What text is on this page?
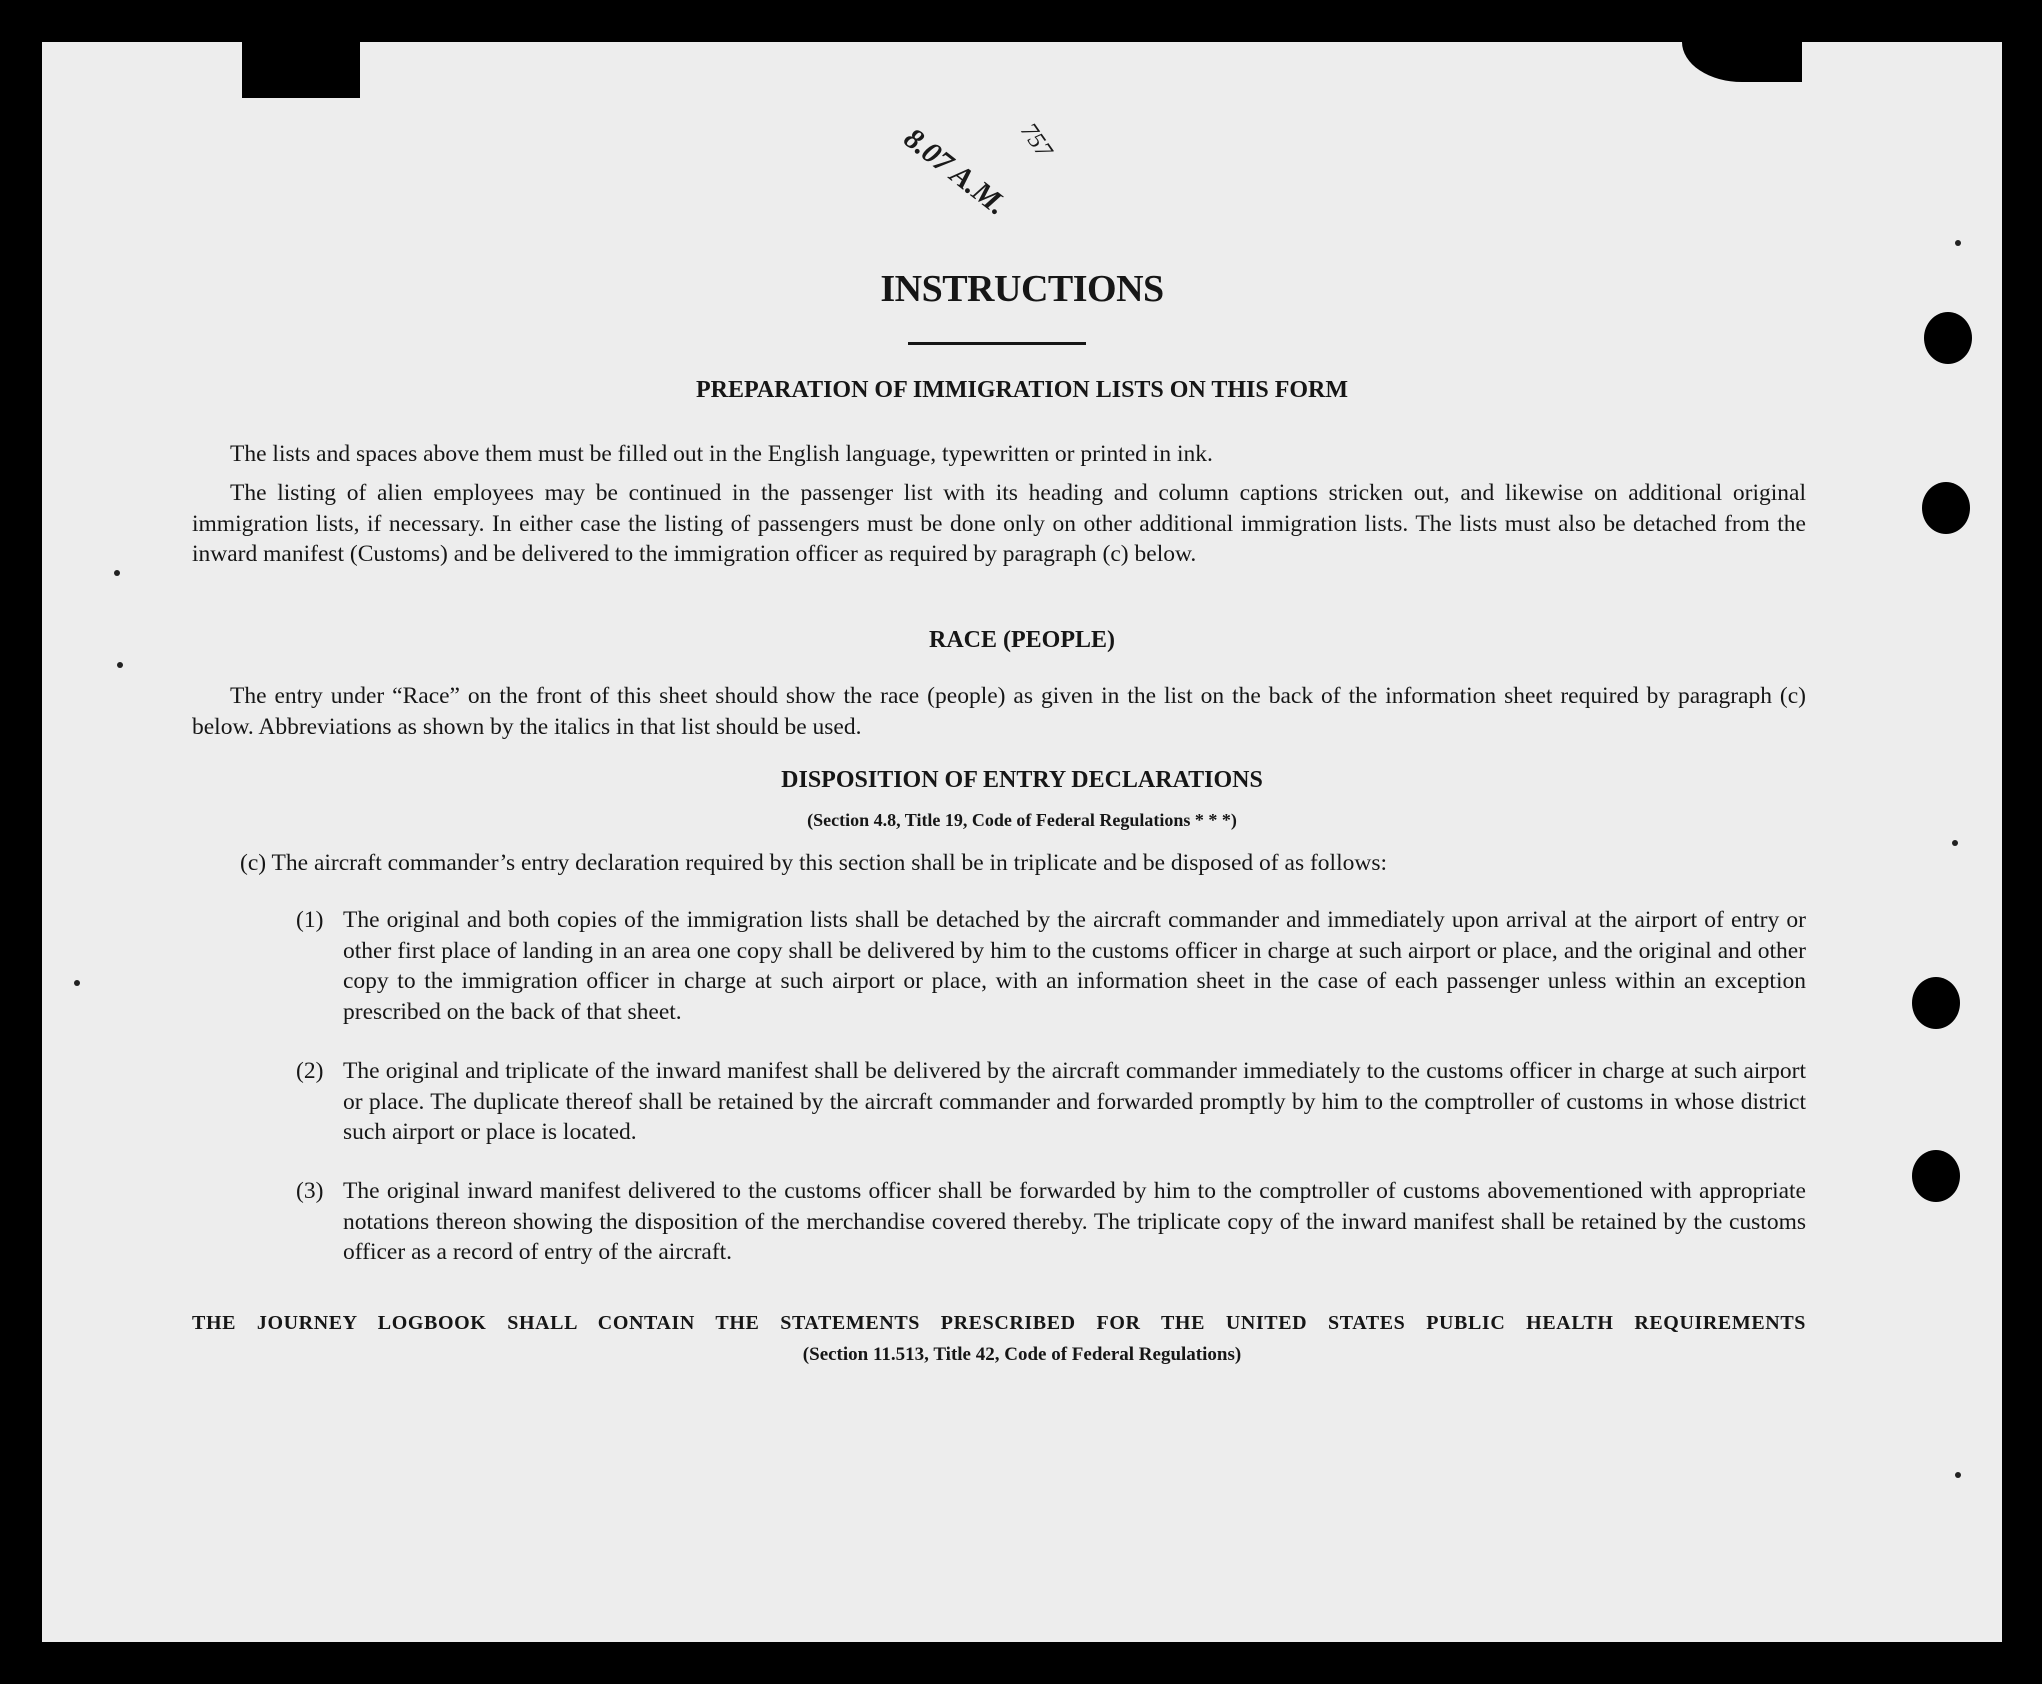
8.07 A.M. 757
INSTRUCTIONS
PREPARATION OF IMMIGRATION LISTS ON THIS FORM

The lists and spaces above them must be filled out in the English language, typewritten or printed in ink.

The listing of alien employees may be continued in the passenger list with its heading and column captions stricken out, and likewise on additional original immigration lists, if necessary. In either case the listing of passengers must be done only on other additional immigration lists. The lists must also be detached from the inward manifest (Customs) and be delivered to the immigration officer as required by paragraph (c) below.

RACE (PEOPLE)

The entry under “Race” on the front of this sheet should show the race (people) as given in the list on the back of the information sheet required by paragraph (c) below. Abbreviations as shown by the italics in that list should be used.

DISPOSITION OF ENTRY DECLARATIONS

(Section 4.8, Title 19, Code of Federal Regulations * * *)

(c) The aircraft commander’s entry declaration required by this section shall be in triplicate and be disposed of as follows:

(1) The original and both copies of the immigration lists shall be detached by the aircraft commander and immediately upon arrival at the airport of entry or other first place of landing in an area one copy shall be delivered by him to the customs officer in charge at such airport or place, and the original and other copy to the immigration officer in charge at such airport or place, with an information sheet in the case of each passenger unless within an exception prescribed on the back of that sheet.
(2) The original and triplicate of the inward manifest shall be delivered by the aircraft commander immediately to the customs officer in charge at such airport or place. The duplicate thereof shall be retained by the aircraft commander and forwarded promptly by him to the comptroller of customs in whose district such airport or place is located.
(3) The original inward manifest delivered to the customs officer shall be forwarded by him to the comptroller of customs abovementioned with appropriate notations thereon showing the disposition of the merchandise covered thereby. The triplicate copy of the inward manifest shall be retained by the customs officer as a record of entry of the aircraft.

THE JOURNEY LOGBOOK SHALL CONTAIN THE STATEMENTS PRESCRIBED FOR THE UNITED STATES PUBLIC HEALTH REQUIREMENTS

(Section 11.513, Title 42, Code of Federal Regulations)
